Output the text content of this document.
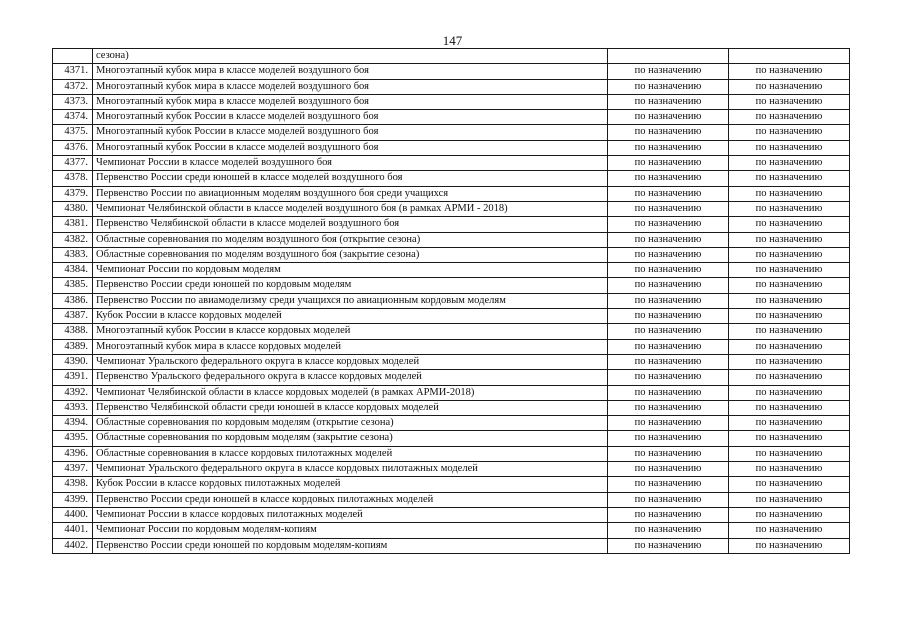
147
	сезона)		
4371.	Многоэтапный кубок мира в классе моделей воздушного боя	по назначению	по назначению
4372.	Многоэтапный кубок мира в классе моделей воздушного боя	по назначению	по назначению
4373.	Многоэтапный кубок мира в классе моделей воздушного боя	по назначению	по назначению
4374.	Многоэтапный кубок России в классе моделей воздушного боя	по назначению	по назначению
4375.	Многоэтапный кубок России в классе моделей воздушного боя	по назначению	по назначению
4376.	Многоэтапный кубок России в классе моделей воздушного боя	по назначению	по назначению
4377.	Чемпионат России в классе моделей воздушного боя	по назначению	по назначению
4378.	Первенство России среди юношей в классе моделей воздушного боя	по назначению	по назначению
4379.	Первенство России по авиационным моделям воздушного боя среди учащихся	по назначению	по назначению
4380.	Чемпионат Челябинской области в классе моделей воздушного боя (в рамках АРМИ - 2018)	по назначению	по назначению
4381.	Первенство Челябинской области в классе моделей воздушного боя	по назначению	по назначению
4382.	Областные соревнования по моделям воздушного боя (открытие сезона)	по назначению	по назначению
4383.	Областные соревнования по моделям воздушного боя (закрытие сезона)	по назначению	по назначению
4384.	Чемпионат России по кордовым моделям	по назначению	по назначению
4385.	Первенство России среди юношей по кордовым моделям	по назначению	по назначению
4386.	Первенство России по авиамоделизму среди учащихся по авиационным кордовым моделям	по назначению	по назначению
4387.	Кубок России в классе кордовых моделей	по назначению	по назначению
4388.	Многоэтапный кубок России в классе кордовых моделей	по назначению	по назначению
4389.	Многоэтапный кубок мира в классе кордовых моделей	по назначению	по назначению
4390.	Чемпионат Уральского федерального округа в классе кордовых моделей	по назначению	по назначению
4391.	Первенство Уральского федерального округа в классе кордовых моделей	по назначению	по назначению
4392.	Чемпионат Челябинской области в классе кордовых моделей (в рамках АРМИ-2018)	по назначению	по назначению
4393.	Первенство Челябинской области среди юношей в классе кордовых моделей	по назначению	по назначению
4394.	Областные соревнования по кордовым моделям (открытие сезона)	по назначению	по назначению
4395.	Областные соревнования по кордовым моделям (закрытие сезона)	по назначению	по назначению
4396.	Областные соревнования в классе кордовых пилотажных моделей	по назначению	по назначению
4397.	Чемпионат Уральского федерального округа в классе кордовых пилотажных моделей	по назначению	по назначению
4398.	Кубок России в классе кордовых пилотажных моделей	по назначению	по назначению
4399.	Первенство России среди юношей в классе кордовых пилотажных моделей	по назначению	по назначению
4400.	Чемпионат России в классе кордовых пилотажных моделей	по назначению	по назначению
4401.	Чемпионат России по кордовым моделям-копиям	по назначению	по назначению
4402.	Первенство России среди юношей по кордовым моделям-копиям	по назначению	по назначению
